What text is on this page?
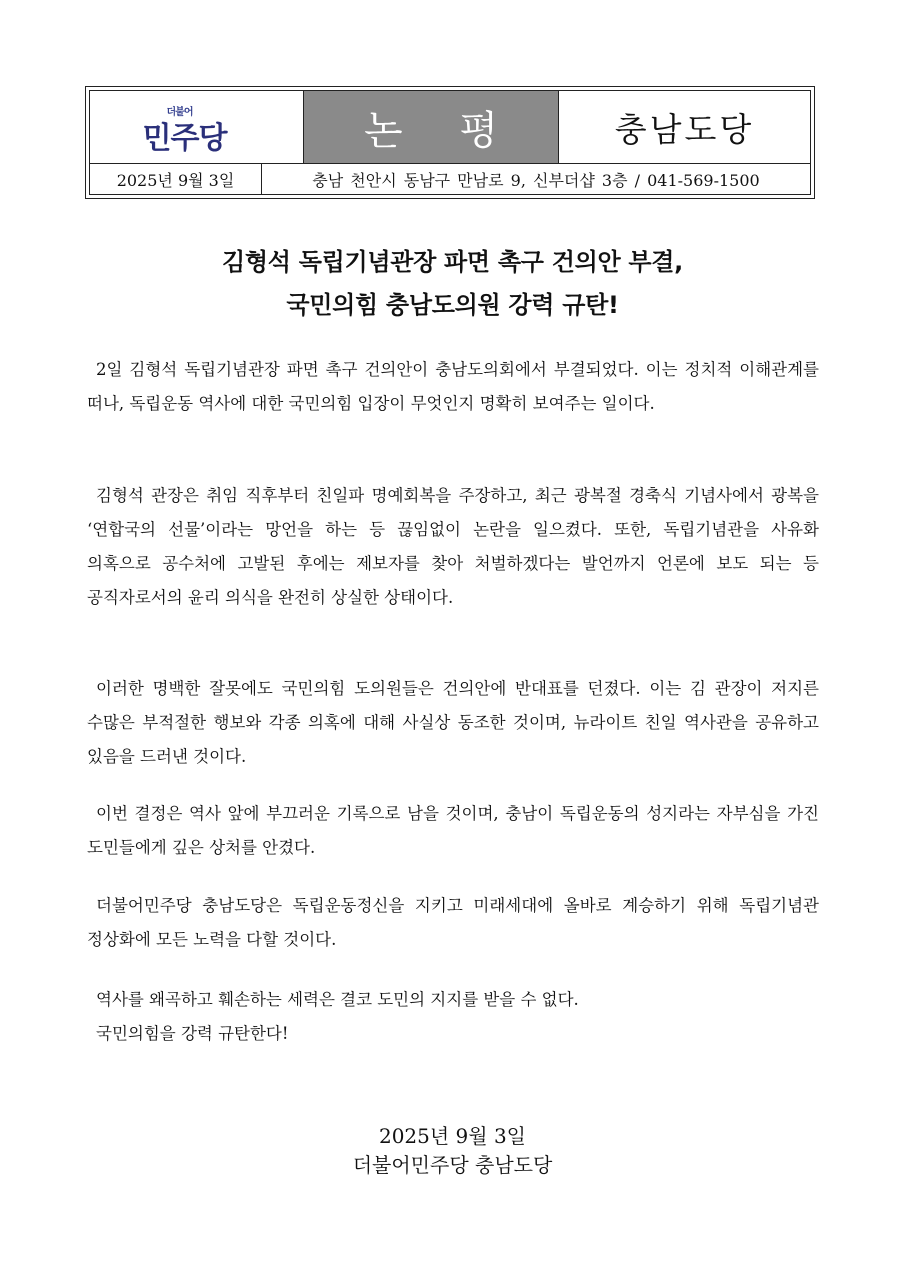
더불어
민주당	논 평	충남도당
2025년 9월 3일	충남 천안시 동남구 만남로 9, 신부더샵 3층 / 041-569-1500
김형석 독립기념관장 파면 촉구 건의안 부결,
국민의힘 충남도의원 강력 규탄!
2일 김형석 독립기념관장 파면 촉구 건의안이 충남도의회에서 부결되었다. 이는 정치적 이해관계를 떠나, 독립운동 역사에 대한 국민의힘 입장이 무엇인지 명확히 보여주는 일이다.
김형석 관장은 취임 직후부터 친일파 명예회복을 주장하고, 최근 광복절 경축식 기념사에서 광복을 ‘연합국의 선물’이라는 망언을 하는 등 끊임없이 논란을 일으켰다. 또한, 독립기념관을 사유화 의혹으로 공수처에 고발된 후에는 제보자를 찾아 처벌하겠다는 발언까지 언론에 보도 되는 등 공직자로서의 윤리 의식을 완전히 상실한 상태이다.
이러한 명백한 잘못에도 국민의힘 도의원들은 건의안에 반대표를 던졌다. 이는 김 관장이 저지른 수많은 부적절한 행보와 각종 의혹에 대해 사실상 동조한 것이며, 뉴라이트 친일 역사관을 공유하고 있음을 드러낸 것이다.
이번 결정은 역사 앞에 부끄러운 기록으로 남을 것이며, 충남이 독립운동의 성지라는 자부심을 가진 도민들에게 깊은 상처를 안겼다.
더불어민주당 충남도당은 독립운동정신을 지키고 미래세대에 올바로 계승하기 위해 독립기념관 정상화에 모든 노력을 다할 것이다.
역사를 왜곡하고 훼손하는 세력은 결코 도민의 지지를 받을 수 없다.
국민의힘을 강력 규탄한다!
2025년 9월 3일
더불어민주당 충남도당
